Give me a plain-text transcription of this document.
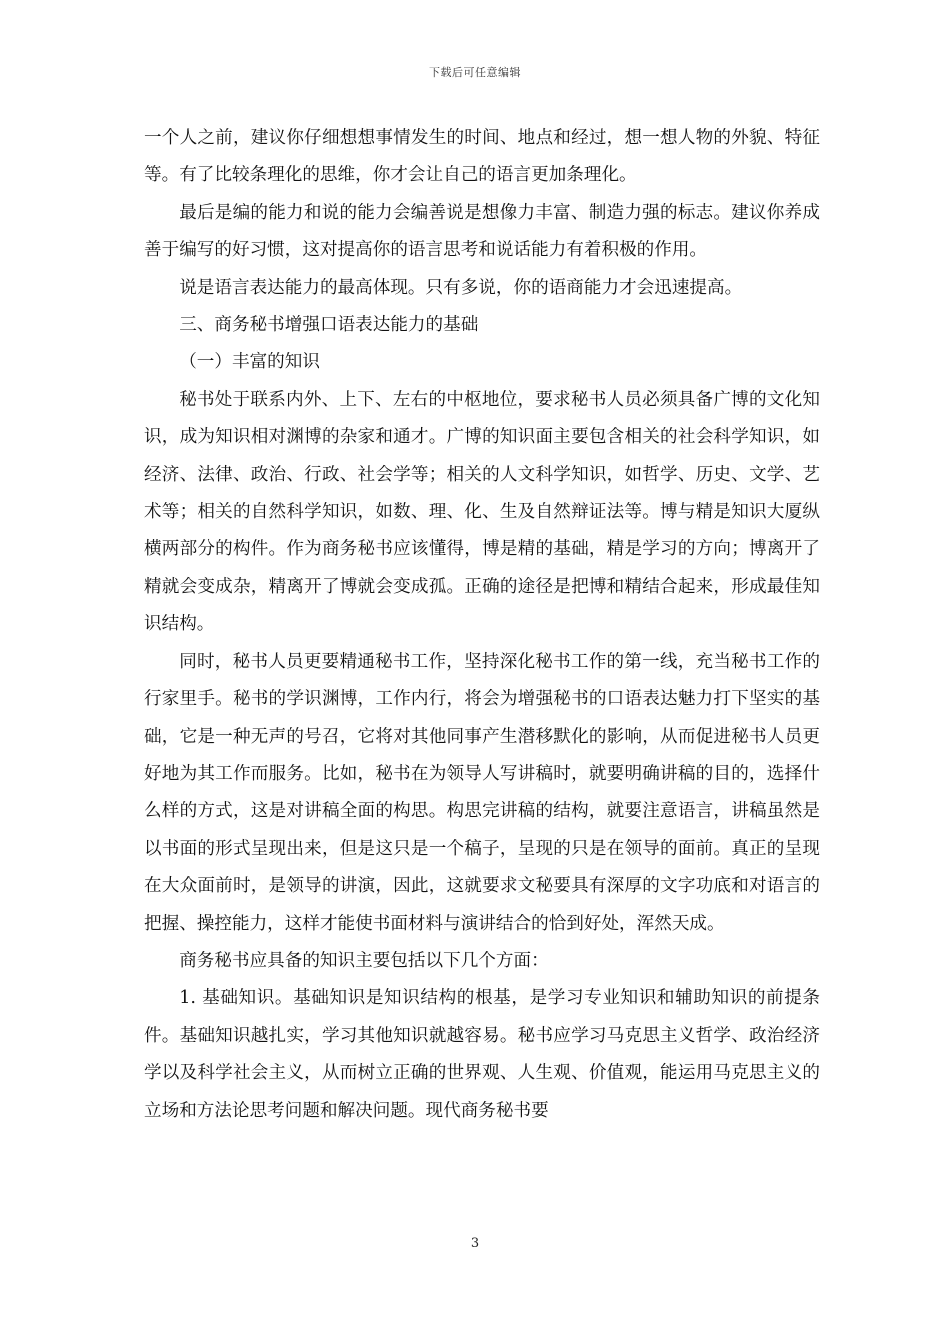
下载后可任意编辑

一个人之前，建议你仔细想想事情发生的时间、地点和经过，想一想人物的外貌、特征等。有了比较条理化的思维，你才会让自己的语言更加条理化。

最后是编的能力和说的能力会编善说是想像力丰富、制造力强的标志。建议你养成善于编写的好习惯，这对提高你的语言思考和说话能力有着积极的作用。

说是语言表达能力的最高体现。只有多说，你的语商能力才会迅速提高。

三、商务秘书增强口语表达能力的基础

（一）丰富的知识

秘书处于联系内外、上下、左右的中枢地位，要求秘书人员必须具备广博的文化知识，成为知识相对渊博的杂家和通才。广博的知识面主要包含相关的社会科学知识，如经济、法律、政治、行政、社会学等；相关的人文科学知识，如哲学、历史、文学、艺术等；相关的自然科学知识，如数、理、化、生及自然辩证法等。博与精是知识大厦纵横两部分的构件。作为商务秘书应该懂得，博是精的基础，精是学习的方向；博离开了精就会变成杂，精离开了博就会变成孤。正确的途径是把博和精结合起来，形成最佳知识结构。

同时，秘书人员更要精通秘书工作，坚持深化秘书工作的第一线，充当秘书工作的行家里手。秘书的学识渊博，工作内行，将会为增强秘书的口语表达魅力打下坚实的基础，它是一种无声的号召，它将对其他同事产生潜移默化的影响，从而促进秘书人员更好地为其工作而服务。比如，秘书在为领导人写讲稿时，就要明确讲稿的目的，选择什么样的方式，这是对讲稿全面的构思。构思完讲稿的结构，就要注意语言，讲稿虽然是以书面的形式呈现出来，但是这只是一个稿子，呈现的只是在领导的面前。真正的呈现在大众面前时，是领导的讲演，因此，这就要求文秘要具有深厚的文字功底和对语言的把握、操控能力，这样才能使书面材料与演讲结合的恰到好处，浑然天成。

商务秘书应具备的知识主要包括以下几个方面：

1. 基础知识。基础知识是知识结构的根基，是学习专业知识和辅助知识的前提条件。基础知识越扎实，学习其他知识就越容易。秘书应学习马克思主义哲学、政治经济学以及科学社会主义，从而树立正确的世界观、人生观、价值观，能运用马克思主义的立场和方法论思考问题和解决问题。现代商务秘书要

3
